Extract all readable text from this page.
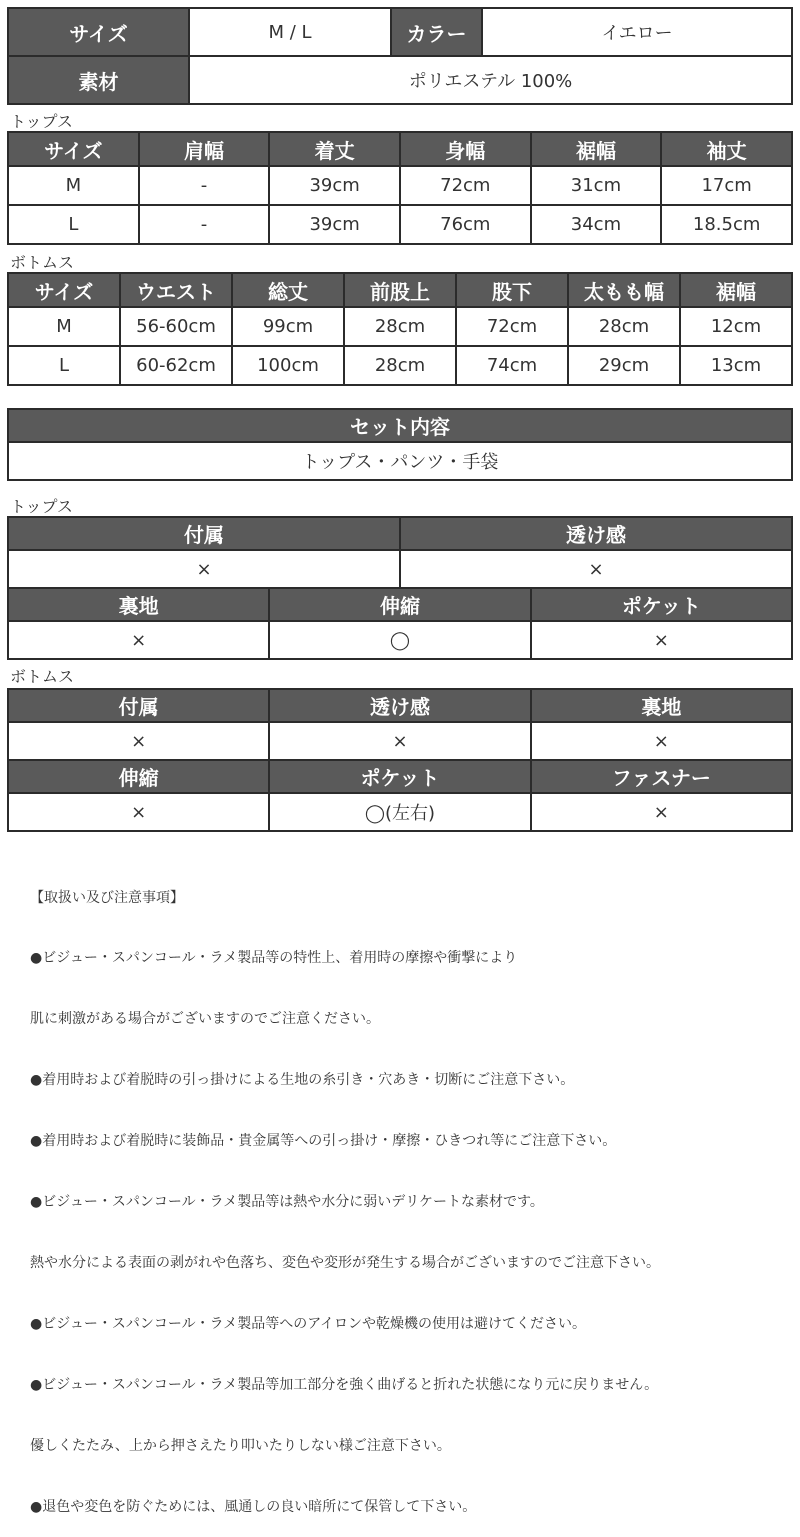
サイズ	M / L	カラー	イエロー
素材	ポリエステル 100%		
トップス
サイズ	肩幅	着丈	身幅	裾幅	袖丈
M	-	39cm	72cm	31cm	17cm
L	-	39cm	76cm	34cm	18.5cm
ボトムス
サイズ	ウエスト	総丈	前股上	股下	太もも幅	裾幅
M	56-60cm	99cm	28cm	72cm	28cm	12cm
L	60-62cm	100cm	28cm	74cm	29cm	13cm
セット内容
トップス・パンツ・手袋
トップス
付属	透け感
×	×
裏地	伸縮	ポケット
×	◯	×
ボトムス
付属	透け感	裏地
×	×	×
伸縮	ポケット	ファスナー
×	◯(左右)	×

【取扱い及び注意事項】

●ビジュー・スパンコール・ラメ製品等の特性上、着用時の摩擦や衝撃により

肌に刺激がある場合がございますのでご注意ください。

●着用時および着脱時の引っ掛けによる生地の糸引き・穴あき・切断にご注意下さい。

●着用時および着脱時に装飾品・貴金属等への引っ掛け・摩擦・ひきつれ等にご注意下さい。

●ビジュー・スパンコール・ラメ製品等は熱や水分に弱いデリケートな素材です。

熱や水分による表面の剥がれや色落ち、変色や変形が発生する場合がございますのでご注意下さい。

●ビジュー・スパンコール・ラメ製品等へのアイロンや乾燥機の使用は避けてください。

●ビジュー・スパンコール・ラメ製品等加工部分を強く曲げると折れた状態になり元に戻りません。

優しくたたみ、上から押さえたり叩いたりしない様ご注意下さい。

●退色や変色を防ぐためには、風通しの良い暗所にて保管して下さい。
